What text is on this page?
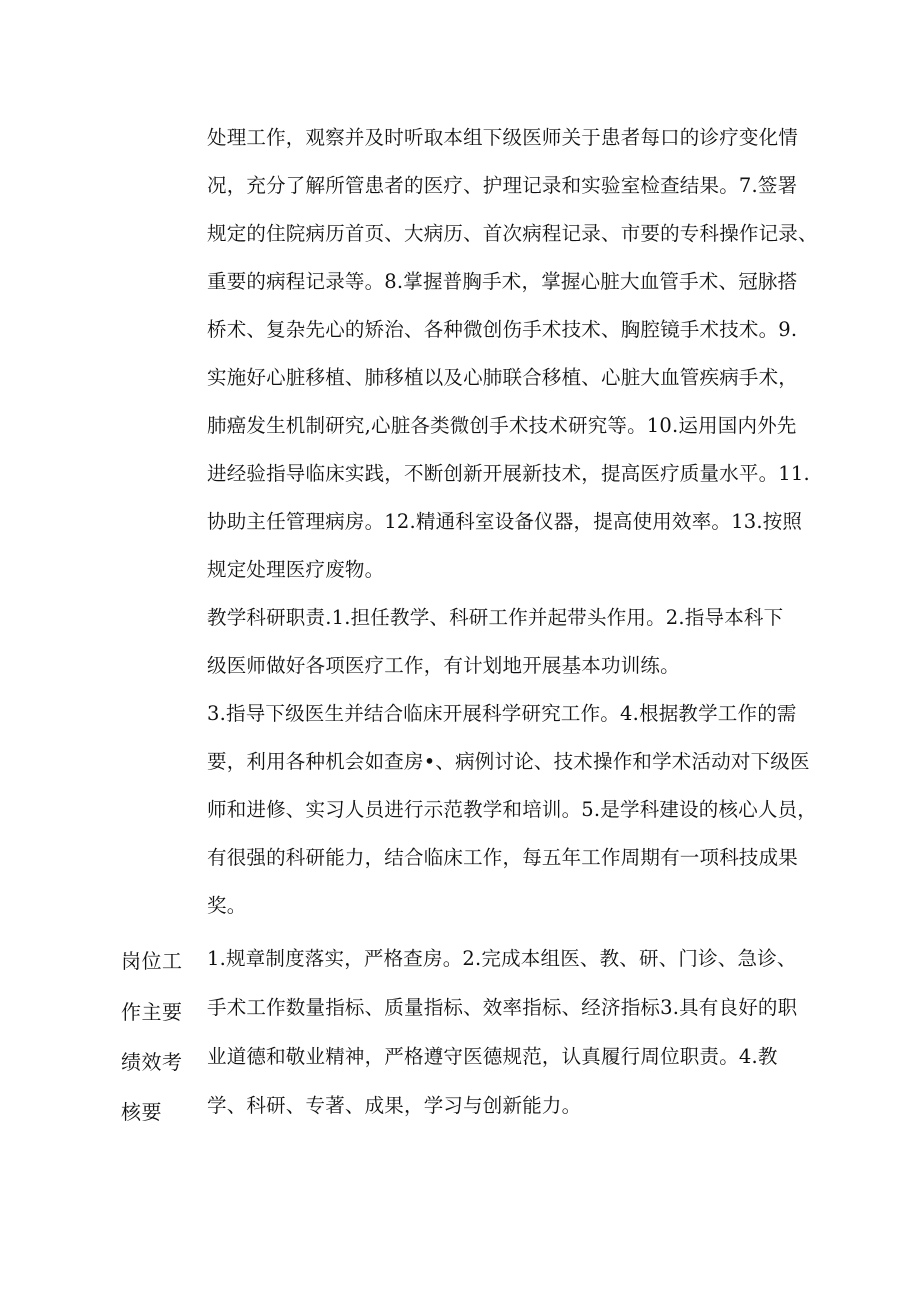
处理工作，观察并及时听取本组下级医师关于患者每口的诊疗变化情
况，充分了解所管患者的医疗、护理记录和实验室检查结果。7.签署
规定的住院病历首页、大病历、首次病程记录、市要的专科操作记录、
重要的病程记录等。8.掌握普胸手术，掌握心脏大血管手术、冠脉搭
桥术、复杂先心的矫治、各种微创伤手术技术、胸腔镜手术技术。9.
实施好心脏移植、肺移植以及心肺联合移植、心脏大血管疾病手术，
肺癌发生机制研究,心脏各类微创手术技术研究等。10.运用国内外先
进经验指导临床实践，不断创新开展新技术，提高医疗质量水平。11.
协助主任管理病房。12.精通科室设备仪器，提高使用效率。13.按照
规定处理医疗废物。
教学科研职责.1.担任教学、科研工作并起带头作用。2.指导本科下
级医师做好各项医疗工作，有计划地开展基本功训练。
3.指导下级医生并结合临床开展科学研究工作。4.根据教学工作的需
要，利用各种机会如查房•、病例讨论、技术操作和学术活动对下级医
师和进修、实习人员进行示范教学和培训。5.是学科建设的核心人员，
有很强的科研能力，结合临床工作，每五年工作周期有一项科技成果
奖。
岗位工
作主要
绩效考
核要
1.规章制度落实，严格查房。2.完成本组医、教、研、门诊、急诊、
手术工作数量指标、质量指标、效率指标、经济指标3.具有良好的职
业道德和敬业精神，严格遵守医德规范，认真履行周位职责。4.教
学、科研、专著、成果，学习与创新能力。
